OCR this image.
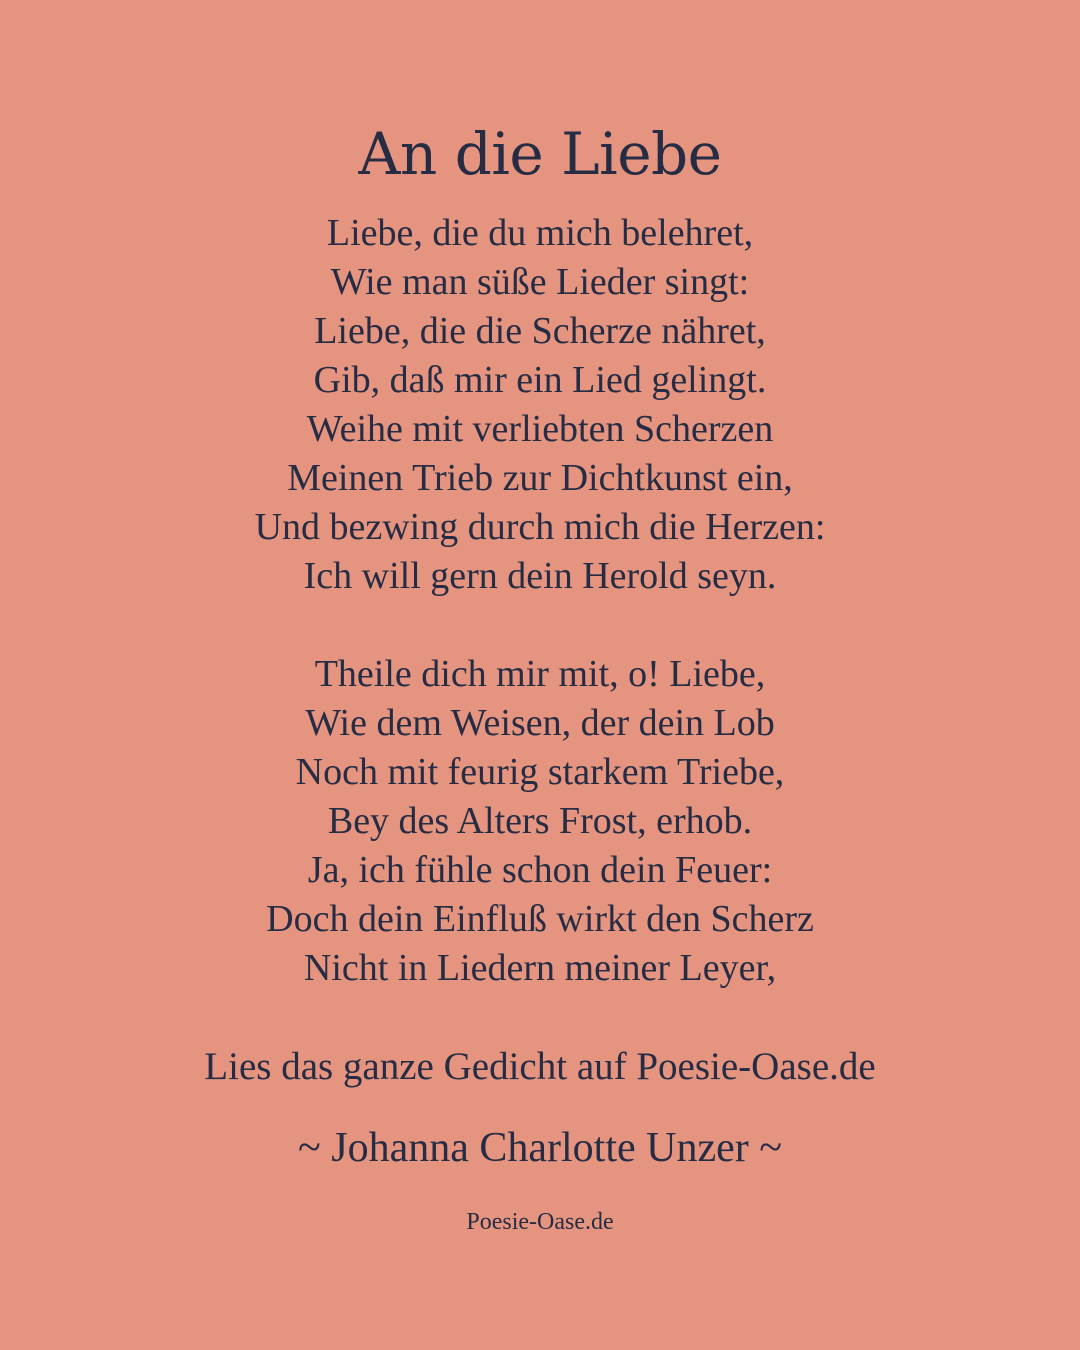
An die Liebe
Liebe, die du mich belehret,
Wie man süße Lieder singt:
Liebe, die die Scherze nähret,
Gib, daß mir ein Lied gelingt.
Weihe mit verliebten Scherzen
Meinen Trieb zur Dichtkunst ein,
Und bezwing durch mich die Herzen:
Ich will gern dein Herold seyn.
Theile dich mir mit, o! Liebe,
Wie dem Weisen, der dein Lob
Noch mit feurig starkem Triebe,
Bey des Alters Frost, erhob.
Ja, ich fühle schon dein Feuer:
Doch dein Einfluß wirkt den Scherz
Nicht in Liedern meiner Leyer,
Lies das ganze Gedicht auf Poesie-Oase.de
~ Johanna Charlotte Unzer ~
Poesie-Oase.de
